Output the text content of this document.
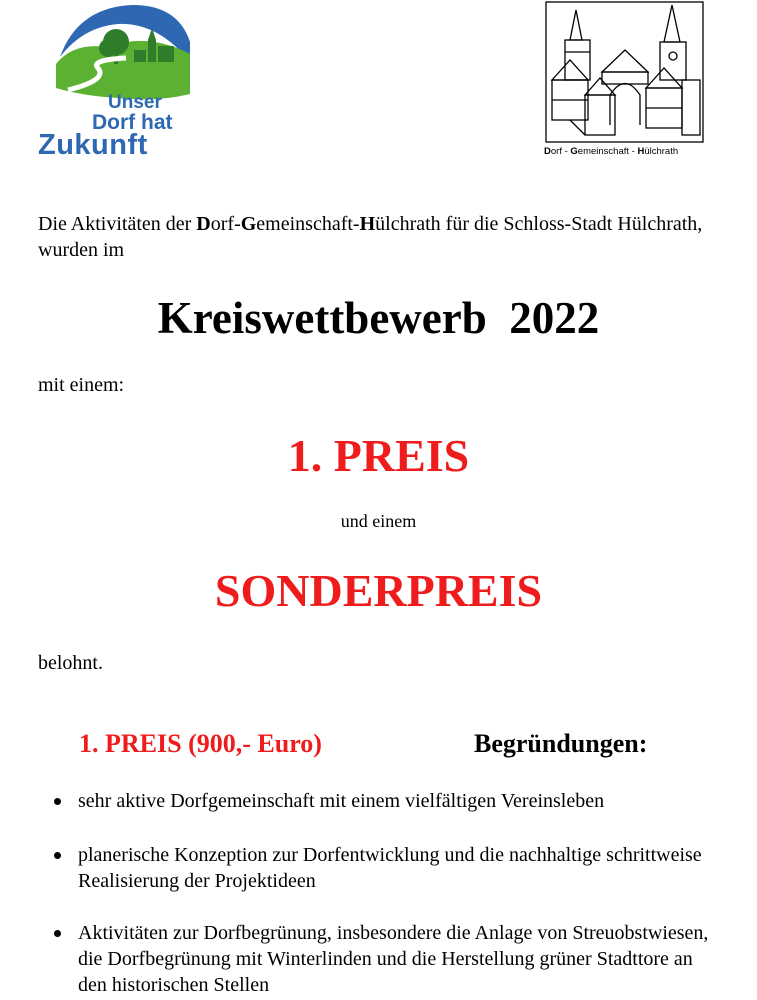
Unser
Dorf hat
Zukunft	Dorf - Gemeinschaft - Hülchrath
Die Aktivitäten der Dorf-Gemeinschaft-Hülchrath für die Schloss-Stadt Hülchrath, wurden im
Kreiswettbewerb  2022
mit einem:
1. PREIS
und einem
SONDERPREIS
belohnt.
1. PREIS (900,- Euro)	Begründungen:

sehr aktive Dorfgemeinschaft mit einem vielfältigen Vereinsleben

planerische Konzeption zur Dorfentwicklung und die nachhaltige schrittweise Realisierung der Projektideen

Aktivitäten zur Dorfbegrünung, insbesondere die Anlage von Streuobstwiesen, die Dorfbegrünung mit Winterlinden und die Herstellung grüner Stadttore an den historischen Stellen
